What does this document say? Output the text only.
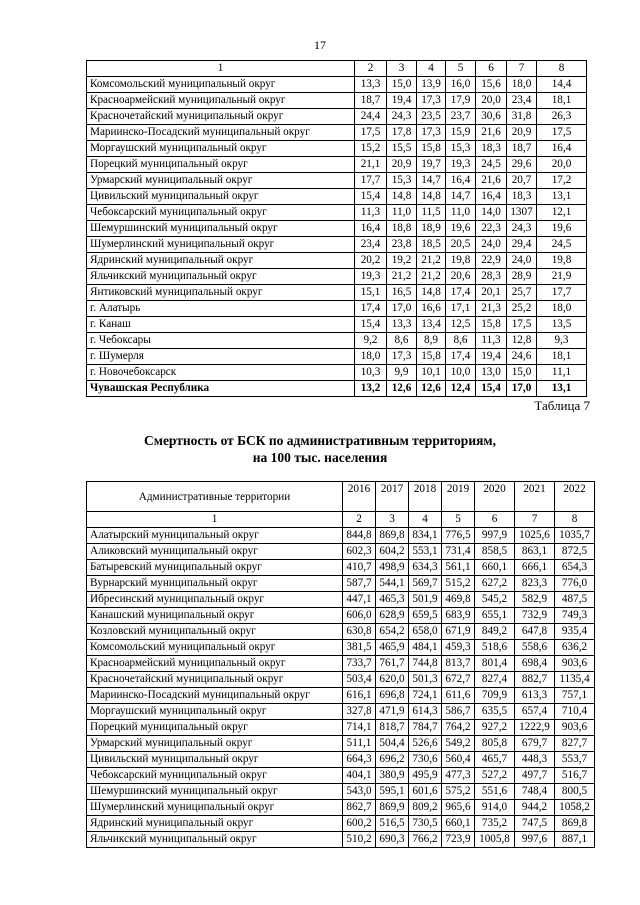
17
1	2	3	4	5	6	7	8
Комсомольский муниципальный округ	13,3	15,0	13,9	16,0	15,6	18,0	14,4
Красноармейский муниципальный округ	18,7	19,4	17,3	17,9	20,0	23,4	18,1
Красночетайский муниципальный округ	24,4	24,3	23,5	23,7	30,6	31,8	26,3
Мариинско-Посадский муниципальный округ	17,5	17,8	17,3	15,9	21,6	20,9	17,5
Моргаушский муниципальный округ	15,2	15,5	15,8	15,3	18,3	18,7	16,4
Порецкий муниципальный округ	21,1	20,9	19,7	19,3	24,5	29,6	20,0
Урмарский муниципальный округ	17,7	15,3	14,7	16,4	21,6	20,7	17,2
Цивильский муниципальный округ	15,4	14,8	14,8	14,7	16,4	18,3	13,1
Чебоксарский муниципальный округ	11,3	11,0	11,5	11,0	14,0	1307	12,1
Шемуршинский муниципальный округ	16,4	18,8	18,9	19,6	22,3	24,3	19,6
Шумерлинский муниципальный округ	23,4	23,8	18,5	20,5	24,0	29,4	24,5
Ядринский муниципальный округ	20,2	19,2	21,2	19,8	22,9	24,0	19,8
Яльчикский муниципальный округ	19,3	21,2	21,2	20,6	28,3	28,9	21,9
Янтиковский муниципальный округ	15,1	16,5	14,8	17,4	20,1	25,7	17,7
г. Алатырь	17,4	17,0	16,6	17,1	21,3	25,2	18,0
г. Канаш	15,4	13,3	13,4	12,5	15,8	17,5	13,5
г. Чебоксары	9,2	8,6	8,9	8,6	11,3	12,8	9,3
г. Шумерля	18,0	17,3	15,8	17,4	19,4	24,6	18,1
г. Новочебоксарск	10,3	9,9	10,1	10,0	13,0	15,0	11,1
Чувашская Республика	13,2	12,6	12,6	12,4	15,4	17,0	13,1
Таблица 7
Смертность от БСК по административным территориям,
на 100 тыс. населения
Административные территории	2016	2017	2018	2019	2020	2021	2022
1	2	3	4	5	6	7	8
Алатырский муниципальный округ	844,8	869,8	834,1	776,5	997,9	1025,6	1035,7
Аликовский муниципальный округ	602,3	604,2	553,1	731,4	858,5	863,1	872,5
Батыревский муниципальный округ	410,7	498,9	634,3	561,1	660,1	666,1	654,3
Вурнарский муниципальный округ	587,7	544,1	569,7	515,2	627,2	823,3	776,0
Ибресинский муниципальный округ	447,1	465,3	501,9	469,8	545,2	582,9	487,5
Канашский муниципальный округ	606,0	628,9	659,5	683,9	655,1	732,9	749,3
Козловский муниципальный округ	630,8	654,2	658,0	671,9	849,2	647,8	935,4
Комсомольский муниципальный округ	381,5	465,9	484,1	459,3	518,6	558,6	636,2
Красноармейский муниципальный округ	733,7	761,7	744,8	813,7	801,4	698,4	903,6
Красночетайский муниципальный округ	503,4	620,0	501,3	672,7	827,4	882,7	1135,4
Мариинско-Посадский муниципальный округ	616,1	696,8	724,1	611,6	709,9	613,3	757,1
Моргаушский муниципальный округ	327,8	471,9	614,3	586,7	635,5	657,4	710,4
Порецкий муниципальный округ	714,1	818,7	784,7	764,2	927,2	1222,9	903,6
Урмарский муниципальный округ	511,1	504,4	526,6	549,2	805,8	679,7	827,7
Цивильский муниципальный округ	664,3	696,2	730,6	560,4	465,7	448,3	553,7
Чебоксарский муниципальный округ	404,1	380,9	495,9	477,3	527,2	497,7	516,7
Шемуршинский муниципальный округ	543,0	595,1	601,6	575,2	551,6	748,4	800,5
Шумерлинский муниципальный округ	862,7	869,9	809,2	965,6	914,0	944,2	1058,2
Ядринский муниципальный округ	600,2	516,5	730,5	660,1	735,2	747,5	869,8
Яльчикский муниципальный округ	510,2	690,3	766,2	723,9	1005,8	997,6	887,1
